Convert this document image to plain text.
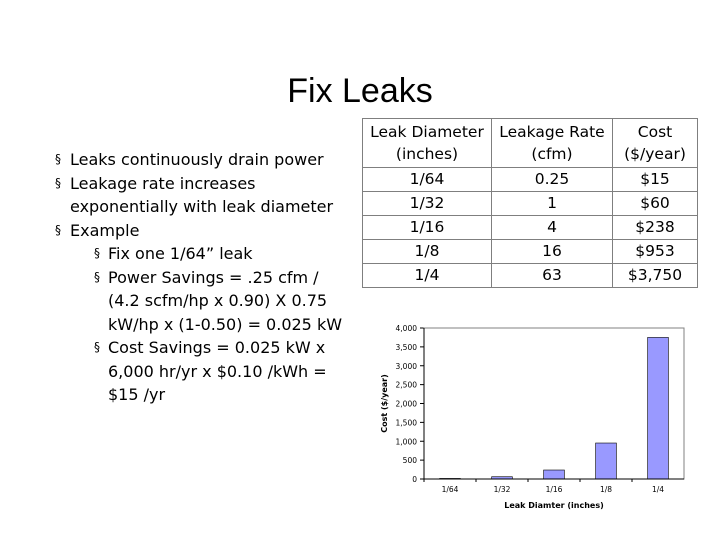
Fix Leaks
§ Leaks continuously drain power
§ Leakage rate increases exponentially with leak diameter
§ Example
§ Fix one 1/64” leak
§ Power Savings = .25 cfm / (4.2 scfm/hp x 0.90) X 0.75 kW/hp x (1-0.50) = 0.025 kW
§ Cost Savings = 0.025 kW x 6,000 hr/yr x $0.10 /kWh = $15 /yr
Leak Diameter (inches)	Leakage Rate (cfm)	Cost ($/year)
1/64	0.25	$15
1/32	1	$60
1/16	4	$238
1/8	16	$953
1/4	63	$3,750
0
500
1,000
1,500
2,000
2,500
3,000
3,500
4,000
1/64	1/32	1/16	1/8	1/4
Leak Diamter (inches)
Cost ($/year)
